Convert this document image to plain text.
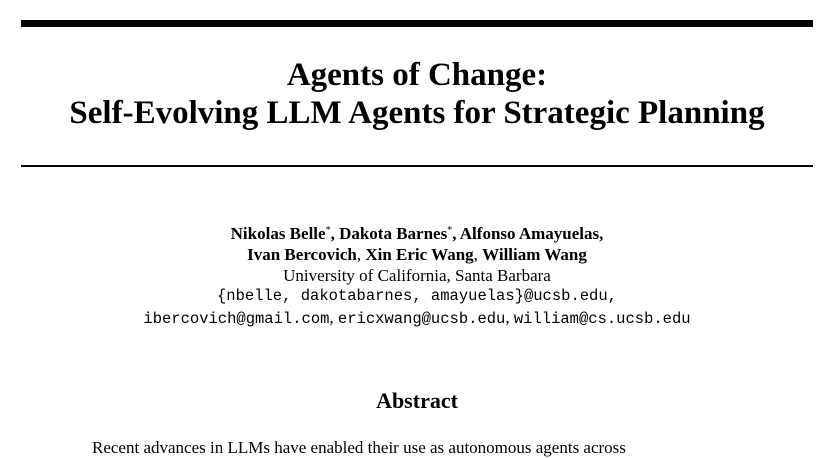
Agents of Change:
Self-Evolving LLM Agents for Strategic Planning
Nikolas Belle*, Dakota Barnes*, Alfonso Amayuelas,
Ivan Bercovich, Xin Eric Wang, William Wang
University of California, Santa Barbara
{nbelle, dakotabarnes, amayuelas}@ucsb.edu,
ibercovich@gmail.com, ericxwang@ucsb.edu, william@cs.ucsb.edu
Abstract
Recent advances in LLMs have enabled their use as autonomous agents across
